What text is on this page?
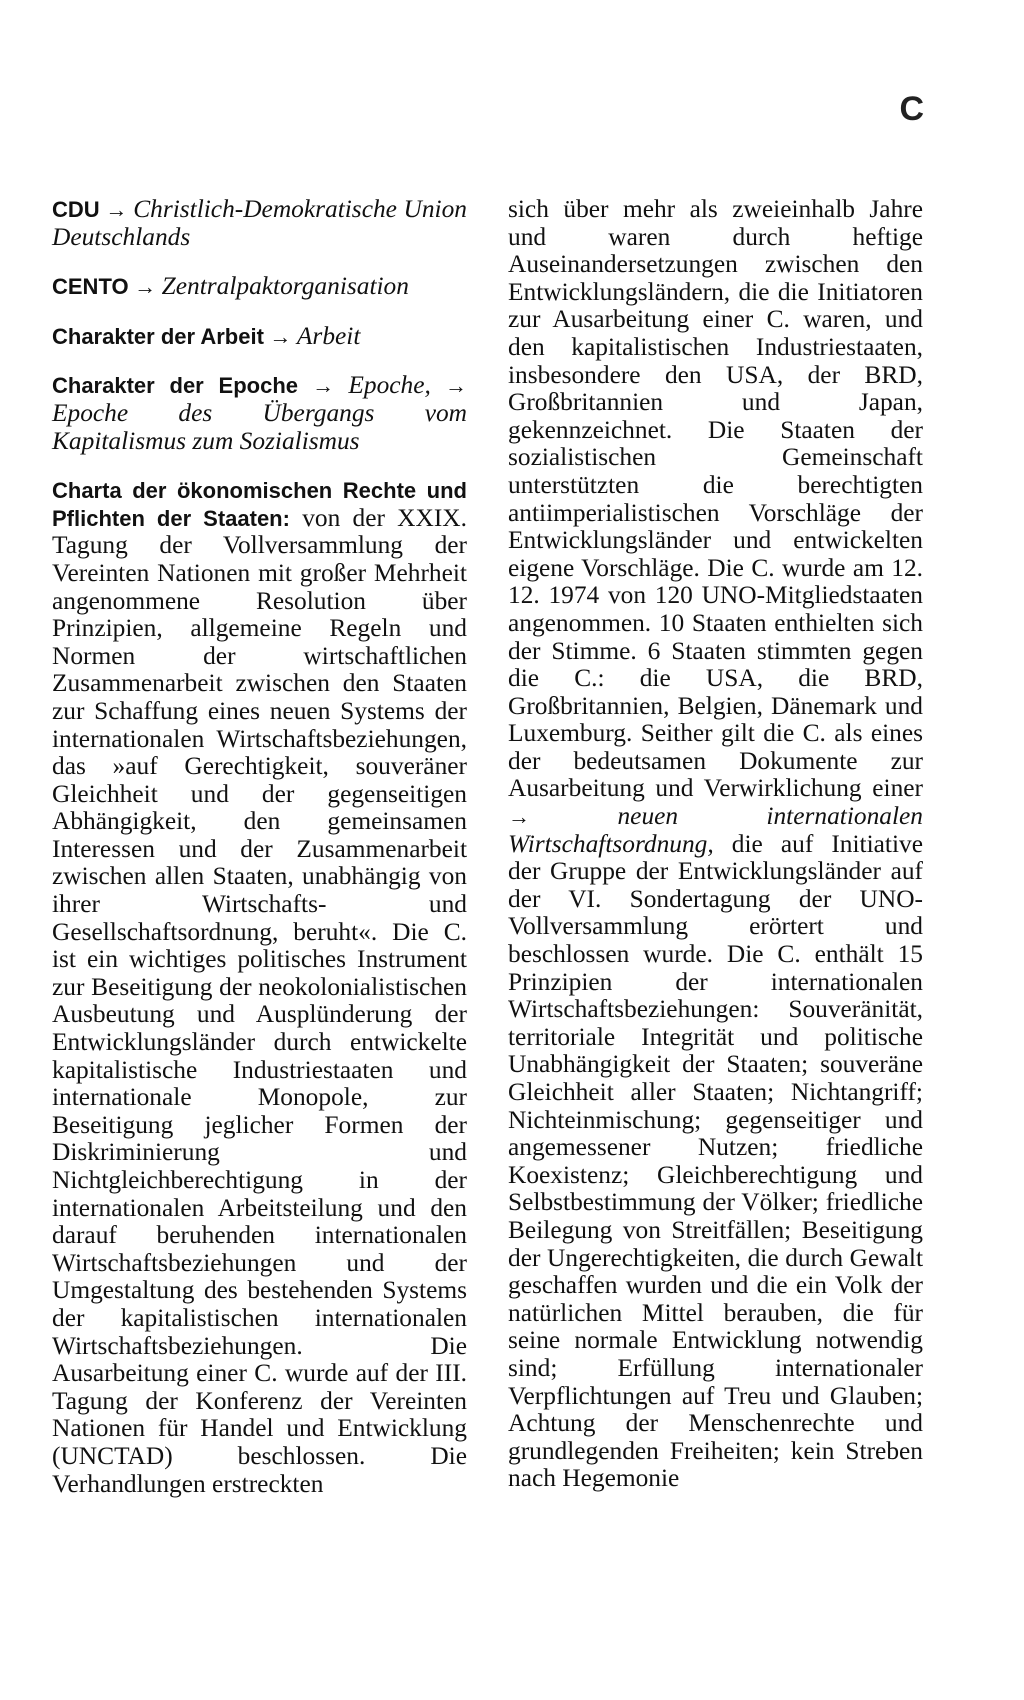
C
CDU → Christlich-Demokratische Union Deutschlands
CENTO → Zentralpaktorganisation
Charakter der Arbeit → Arbeit
Charakter der Epoche → Epoche, → Epoche des Übergangs vom Kapitalismus zum Sozialismus
Charta der ökonomischen Rechte und Pflichten der Staaten: von der XXIX. Tagung der Vollversammlung der Vereinten Nationen mit großer Mehrheit angenommene Resolution über Prinzipien, allgemeine Regeln und Normen der wirtschaftlichen Zusammenarbeit zwischen den Staaten zur Schaffung eines neuen Systems der internationalen Wirtschaftsbeziehungen, das »auf Gerechtigkeit, souveräner Gleichheit und der gegenseitigen Abhängigkeit, den gemeinsamen Interessen und der Zusammenarbeit zwischen allen Staaten, unabhängig von ihrer Wirtschafts- und Gesellschaftsordnung, beruht«. Die C. ist ein wichtiges politisches Instrument zur Beseitigung der neokolonialistischen Ausbeutung und Ausplünderung der Entwicklungsländer durch entwickelte kapitalistische Industriestaaten und internationale Monopole, zur Beseitigung jeglicher Formen der Diskriminierung und Nichtgleichberechtigung in der internationalen Arbeitsteilung und den darauf beruhenden internationalen Wirtschaftsbeziehungen und der Umgestaltung des bestehenden Systems der kapitalistischen internationalen Wirtschaftsbeziehungen. Die Ausarbeitung einer C. wurde auf der III. Tagung der Konferenz der Vereinten Nationen für Handel und Entwicklung (UNCTAD) beschlossen. Die Verhandlungen erstreckten

sich über mehr als zweieinhalb Jahre und waren durch heftige Auseinandersetzungen zwischen den Entwicklungsländern, die die Initiatoren zur Ausarbeitung einer C. waren, und den kapitalistischen Industriestaaten, insbesondere den USA, der BRD, Großbritannien und Japan, gekennzeichnet. Die Staaten der sozialistischen Gemeinschaft unterstützten die berechtigten antiimperialistischen Vorschläge der Entwicklungsländer und entwickelten eigene Vorschläge. Die C. wurde am 12. 12. 1974 von 120 UNO-Mitgliedstaaten angenommen. 10 Staaten enthielten sich der Stimme. 6 Staaten stimmten gegen die C.: die USA, die BRD, Großbritannien, Belgien, Dänemark und Luxemburg. Seither gilt die C. als eines der bedeutsamen Dokumente zur Ausarbeitung und Verwirklichung einer → neuen internationalen Wirtschaftsordnung, die auf Initiative der Gruppe der Entwicklungsländer auf der VI. Sondertagung der UNO-Vollversammlung erörtert und beschlossen wurde. Die C. enthält 15 Prinzipien der internationalen Wirtschaftsbeziehungen: Souveränität, territoriale Integrität und politische Unabhängigkeit der Staaten; souveräne Gleichheit aller Staaten; Nichtangriff; Nichteinmischung; gegenseitiger und angemessener Nutzen; friedliche Koexistenz; Gleichberechtigung und Selbstbestimmung der Völker; friedliche Beilegung von Streitfällen; Beseitigung der Ungerechtigkeiten, die durch Gewalt geschaffen wurden und die ein Volk der natürlichen Mittel berauben, die für seine normale Entwicklung notwendig sind; Erfüllung internationaler Verpflichtungen auf Treu und Glauben; Achtung der Menschenrechte und grundlegenden Freiheiten; kein Streben nach Hegemonie
